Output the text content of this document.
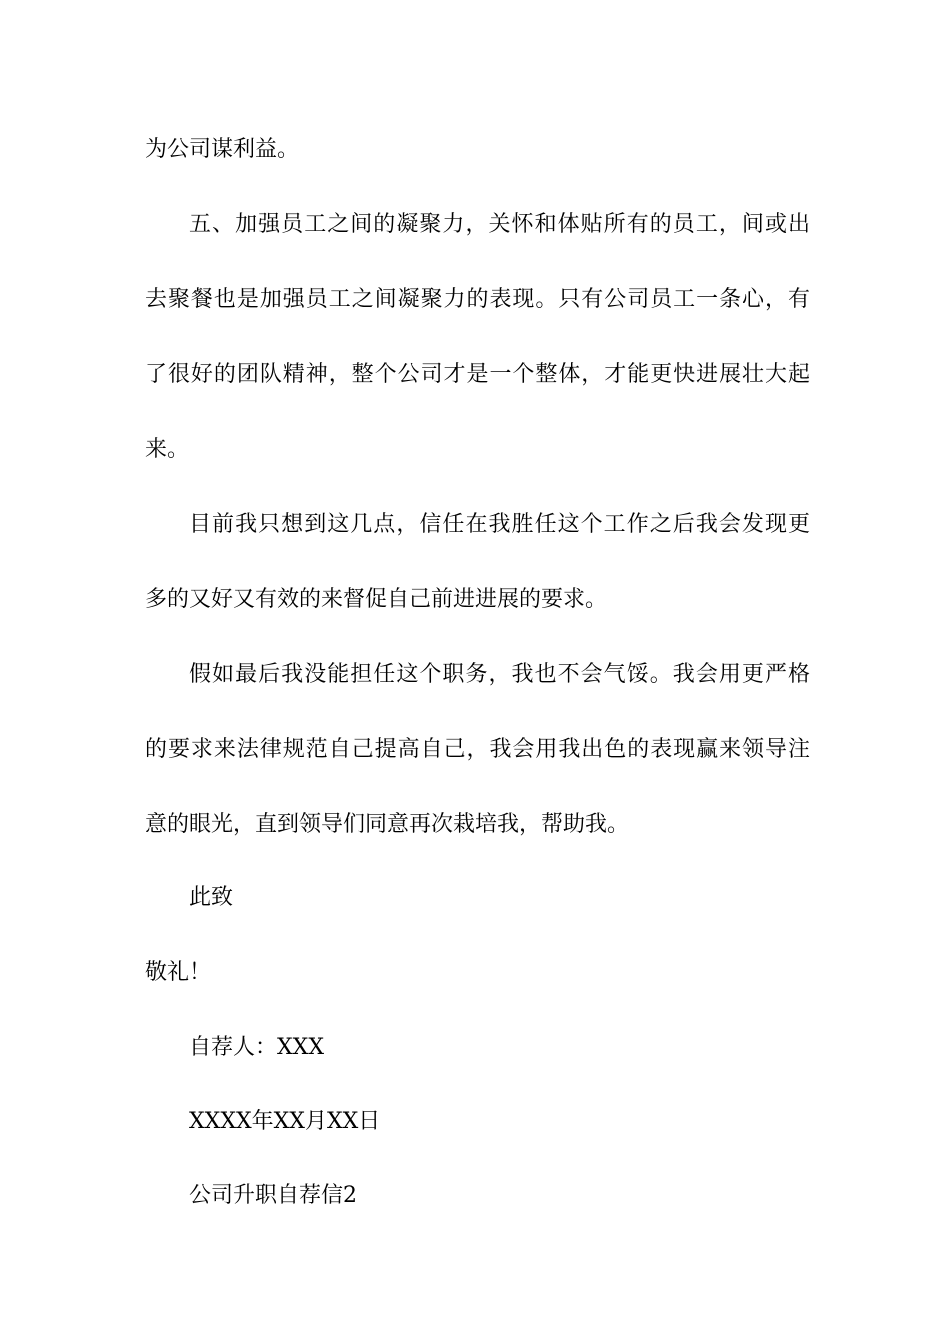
为公司谋利益。
五、加强员工之间的凝聚力，关怀和体贴所有的员工，间或出
去聚餐也是加强员工之间凝聚力的表现。只有公司员工一条心，有
了很好的团队精神，整个公司才是一个整体，才能更快进展壮大起
来。
目前我只想到这几点，信任在我胜任这个工作之后我会发现更
多的又好又有效的来督促自己前进进展的要求。
假如最后我没能担任这个职务，我也不会气馁。我会用更严格
的要求来法律规范自己提高自己，我会用我出色的表现赢来领导注
意的眼光，直到领导们同意再次栽培我，帮助我。
此致
敬礼！
自荐人：XXX
XXXX年XX月XX日
公司升职自荐信2
